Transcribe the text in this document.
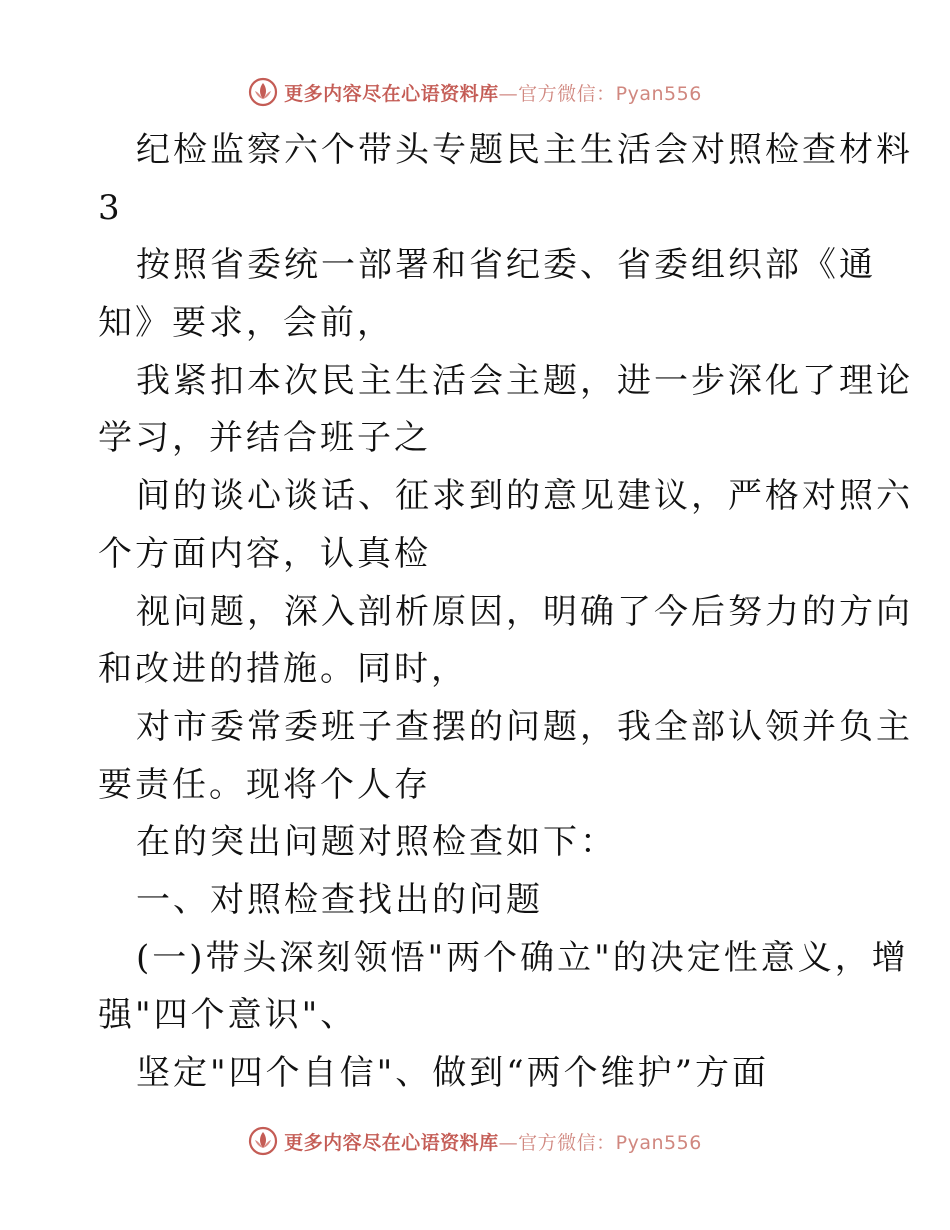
更多内容尽在心语资料库—官方微信：Pyan556
纪检监察六个带头专题民主生活会对照检查材料
3
按照省委统一部署和省纪委、省委组织部《通
知》要求，会前，
我紧扣本次民主生活会主题，进一步深化了理论
学习，并结合班子之
间的谈心谈话、征求到的意见建议，严格对照六
个方面内容，认真检
视问题，深入剖析原因，明确了今后努力的方向
和改进的措施。同时，
对市委常委班子查摆的问题，我全部认领并负主
要责任。现将个人存
在的突出问题对照检查如下：
一、对照检查找出的问题
(一)带头深刻领悟"两个确立"的决定性意义，增
强"四个意识"、
坚定"四个自信"、做到“两个维护”方面
更多内容尽在心语资料库—官方微信：Pyan556
